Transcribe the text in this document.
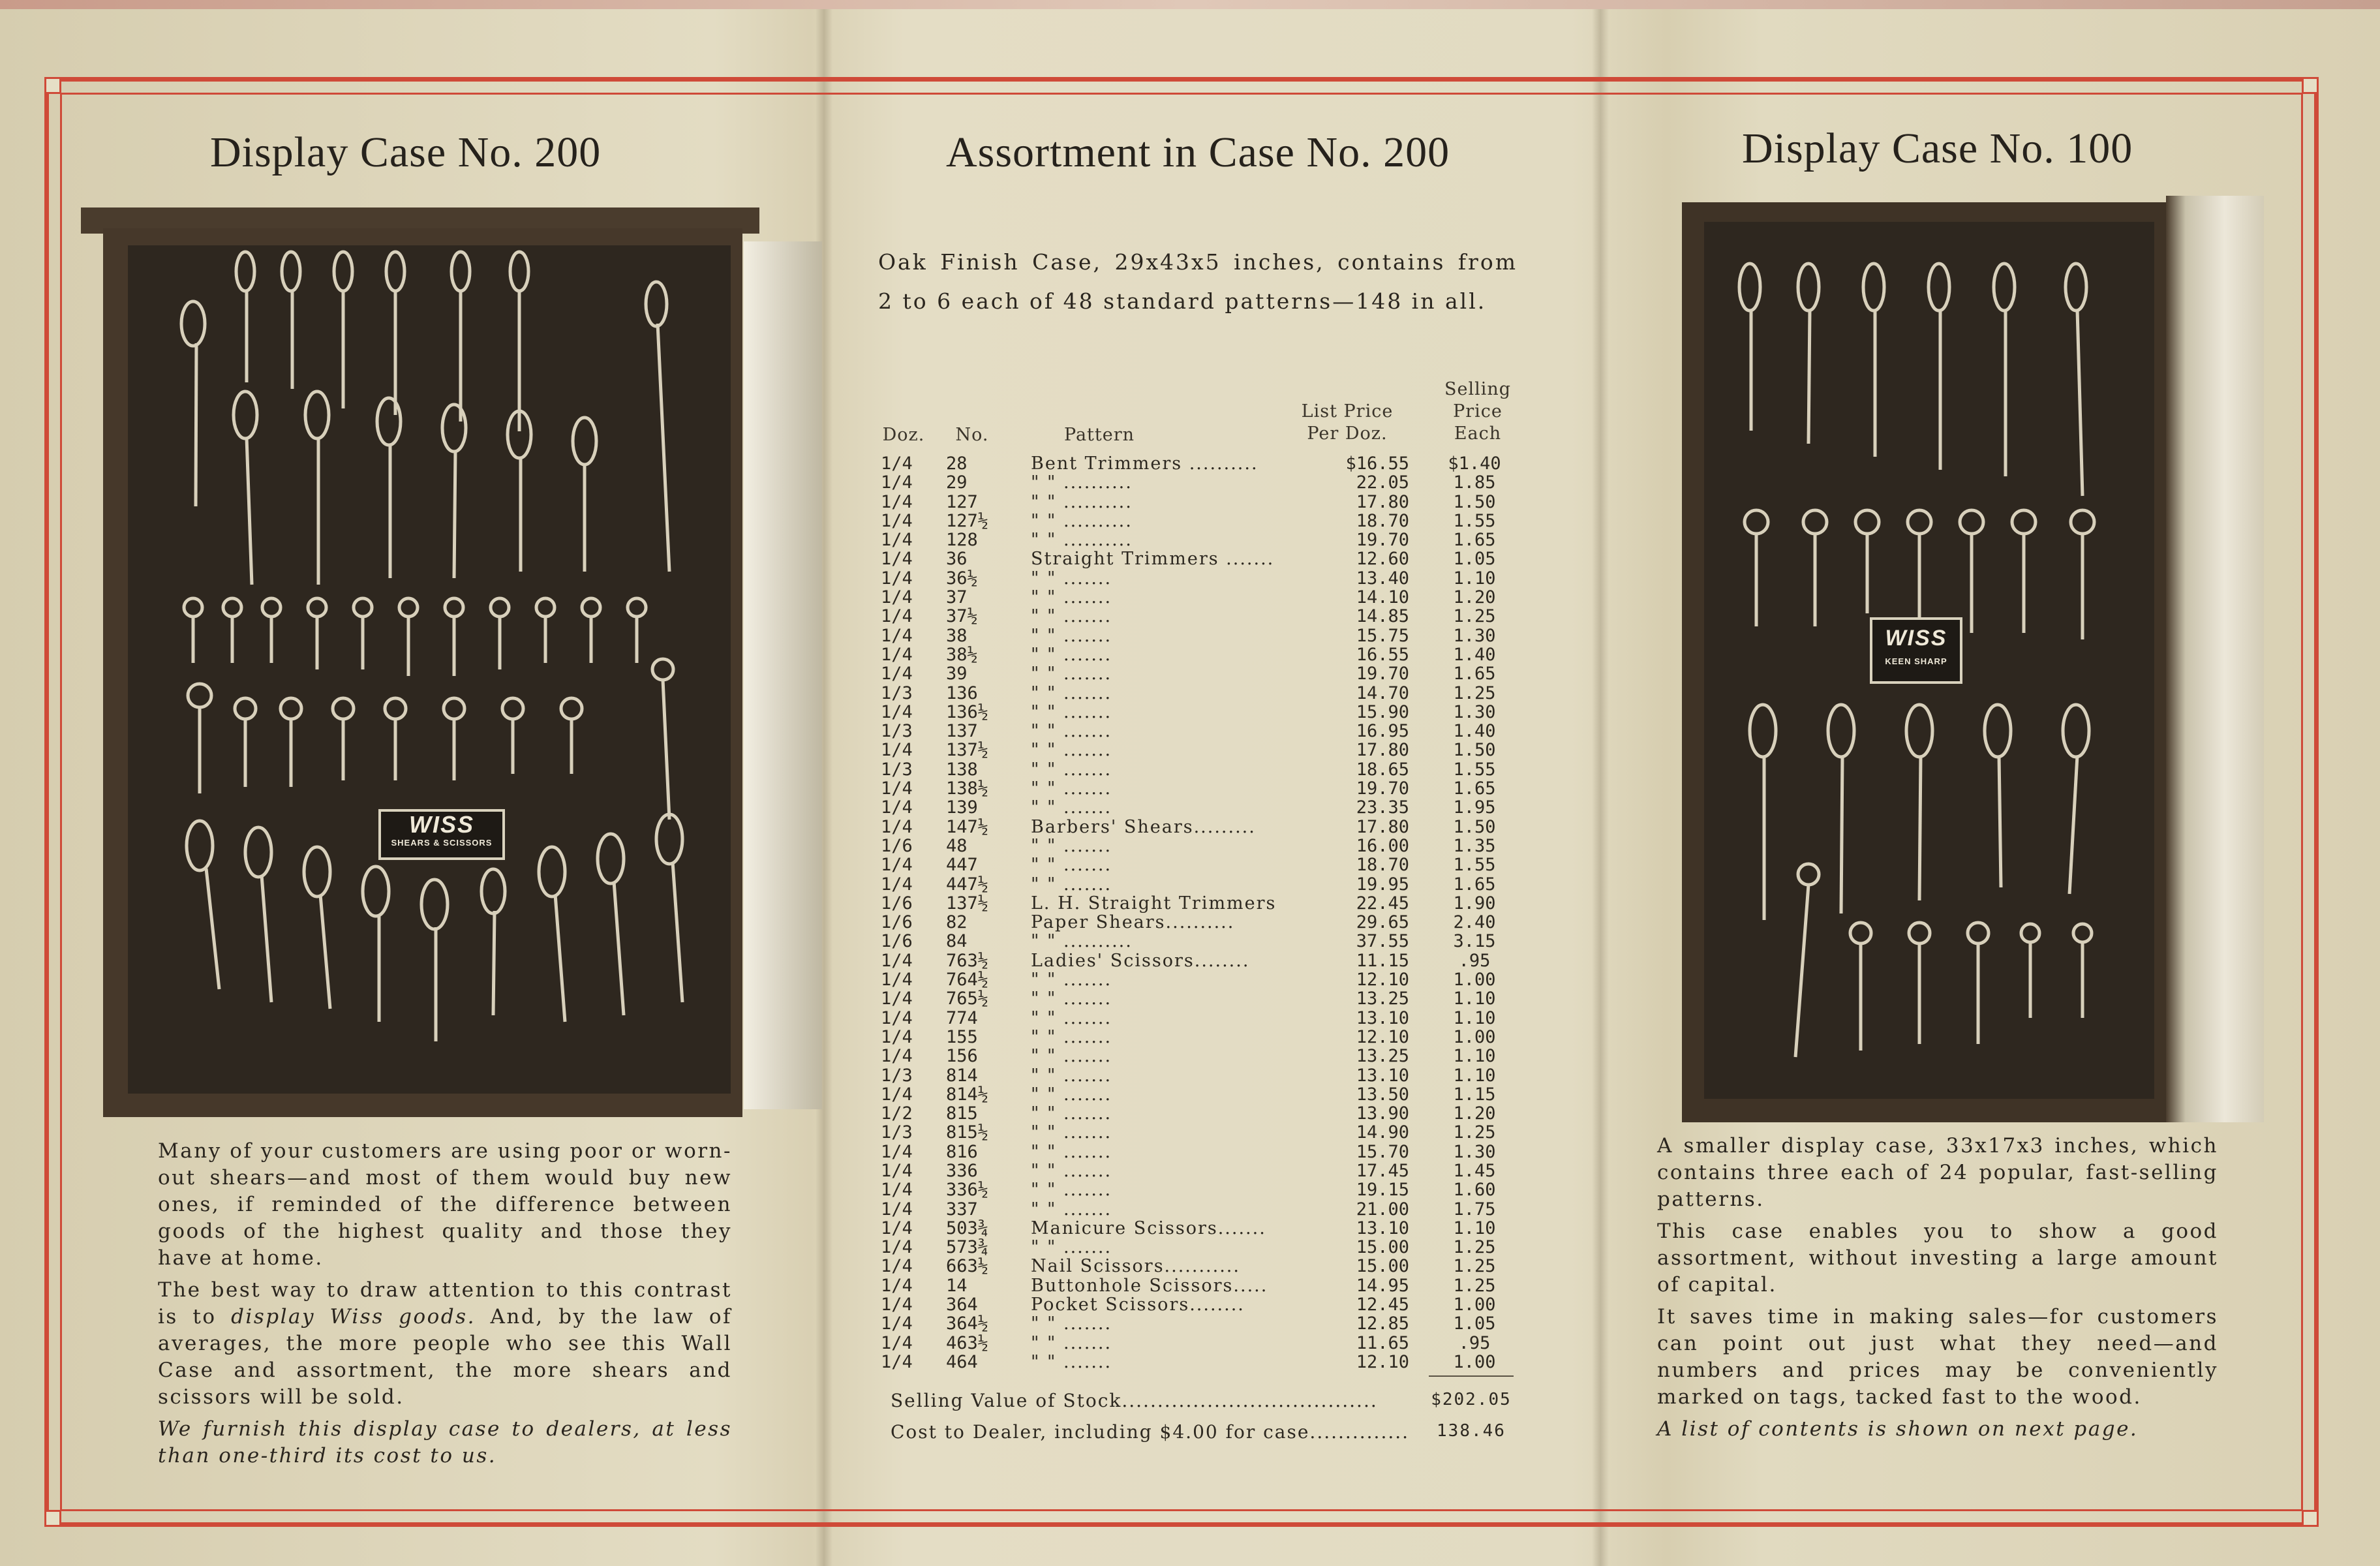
Display Case No. 200	Assortment in Case No. 200	Display Case No. 100
WISS
SHEARS & SCISSORS

Many of your customers are using poor or worn-out shears—and most of them would buy new ones, if reminded of the difference between goods of the highest quality and those they have at home.

The best way to draw attention to this contrast is to display Wiss goods. And, by the law of averages, the more people who see this Wall Case and assortment, the more shears and scissors will be sold.

We furnish this display case to dealers, at less than one-third its cost to us.

Oak Finish Case, 29x43x5 inches, contains from 2 to 6 each of 48 standard patterns—148 in all.
Doz.	No.	Pattern
List Price Per Doz.
Selling Price Each
1/4	28	Bent Trimmers ..........	$16.55	$1.40
1/4	29	" " ..........	22.05	1.85
1/4	127	" " ..........	17.80	1.50
1/4	127½	" " ..........	18.70	1.55
1/4	128	" " ..........	19.70	1.65
1/4	36	Straight Trimmers .......	12.60	1.05
1/4	36½	" " .......	13.40	1.10
1/4	37	" " .......	14.10	1.20
1/4	37½	" " .......	14.85	1.25
1/4	38	" " .......	15.75	1.30
1/4	38½	" " .......	16.55	1.40
1/4	39	" " .......	19.70	1.65
1/3	136	" " .......	14.70	1.25
1/4	136½	" " .......	15.90	1.30
1/3	137	" " .......	16.95	1.40
1/4	137½	" " .......	17.80	1.50
1/3	138	" " .......	18.65	1.55
1/4	138½	" " .......	19.70	1.65
1/4	139	" " .......	23.35	1.95
1/4	147½	Barbers' Shears.........	17.80	1.50
1/6	48	" " .......	16.00	1.35
1/4	447	" " .......	18.70	1.55
1/4	447½	" " .......	19.95	1.65
1/6	137½	L. H. Straight Trimmers	22.45	1.90
1/6	82	Paper Shears..........	29.65	2.40
1/6	84	" " ..........	37.55	3.15
1/4	763½	Ladies' Scissors........	11.15	.95
1/4	764½	" " .......	12.10	1.00
1/4	765½	" " .......	13.25	1.10
1/4	774	" " .......	13.10	1.10
1/4	155	" " .......	12.10	1.00
1/4	156	" " .......	13.25	1.10
1/3	814	" " .......	13.10	1.10
1/4	814½	" " .......	13.50	1.15
1/2	815	" " .......	13.90	1.20
1/3	815½	" " .......	14.90	1.25
1/4	816	" " .......	15.70	1.30
1/4	336	" " .......	17.45	1.45
1/4	336½	" " .......	19.15	1.60
1/4	337	" " .......	21.00	1.75
1/4	503¾	Manicure Scissors.......	13.10	1.10
1/4	573¾	" " .......	15.00	1.25
1/4	663½	Nail Scissors...........	15.00	1.25
1/4	14	Buttonhole Scissors.....	14.95	1.25
1/4	364	Pocket Scissors........	12.45	1.00
1/4	364½	" " .......	12.85	1.05
1/4	463½	" " .......	11.65	.95
1/4	464	" " .......	12.10	1.00
Selling Value of Stock....................................	$202.05
Cost to Dealer, including $4.00 for case..............	138.46
WISS
KEEN SHARP

A smaller display case, 33x17x3 inches, which contains three each of 24 popular, fast-selling patterns.

This case enables you to show a good assortment, without investing a large amount of capital.

It saves time in making sales—for customers can point out just what they need—and numbers and prices may be conveniently marked on tags, tacked fast to the wood.

A list of contents is shown on next page.
